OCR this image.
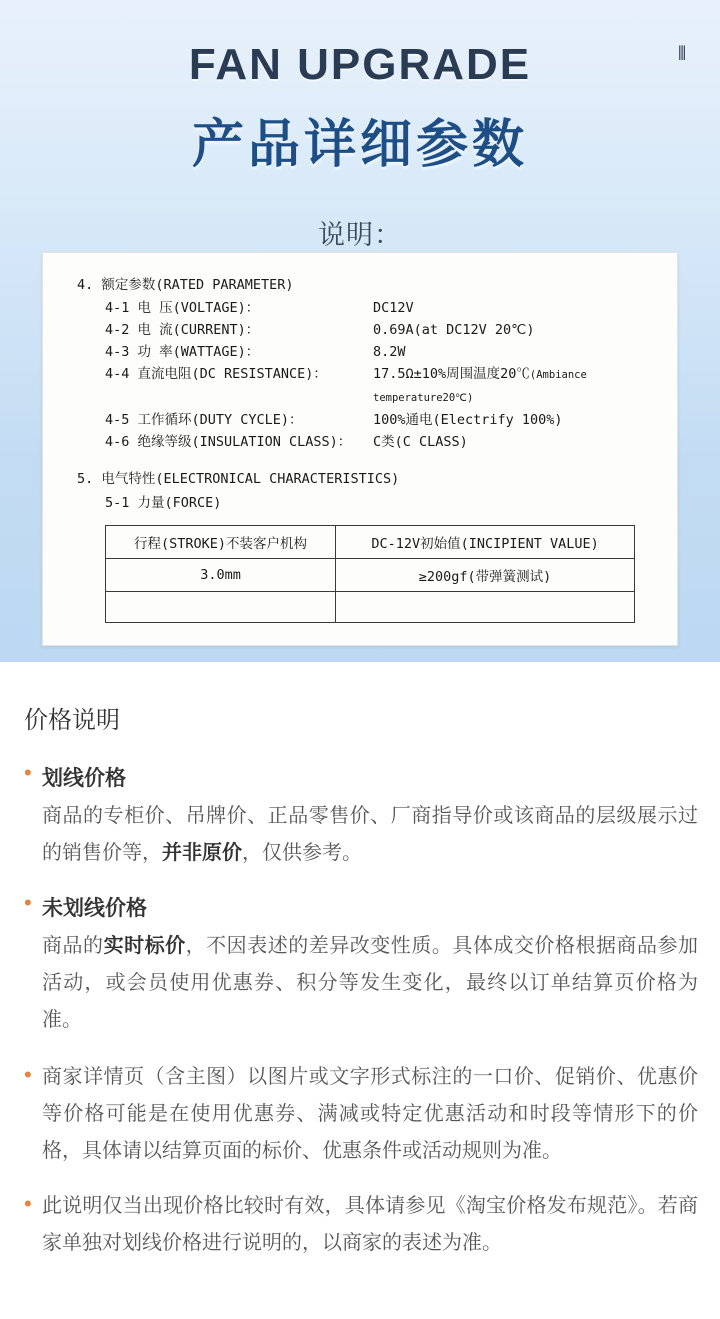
⦀
FAN UPGRADE
产品详细参数
说明：
4. 额定参数(RATED PARAMETER)
4-1 电 压(VOLTAGE)：	DC12V
4-2 电 流(CURRENT)：	0.69A(at DC12V 20℃)
4-3 功 率(WATTAGE)：	8.2W
4-4 直流电阻(DC RESISTANCE)：	17.5Ω±10%周围温度20℃(Ambiance temperature20℃)
4-5 工作循环(DUTY CYCLE)：	100%通电(Electrify 100%)
4-6 绝缘等级(INSULATION CLASS)：	C类(C CLASS)
5. 电气特性(ELECTRONICAL CHARACTERISTICS)
5-1 力量(FORCE)
行程(STROKE)不装客户机构	DC-12V初始值(INCIPIENT VALUE)
3.0mm	≥200gf(带弹簧测试)

价格说明
• 划线价格
商品的专柜价、吊牌价、正品零售价、厂商指导价或该商品的层级展示过的销售价等，并非原价，仅供参考。
• 未划线价格
商品的实时标价，不因表述的差异改变性质。具体成交价格根据商品参加活动，或会员使用优惠券、积分等发生变化，最终以订单结算页价格为准。
• 商家详情页（含主图）以图片或文字形式标注的一口价、促销价、优惠价等价格可能是在使用优惠券、满减或特定优惠活动和时段等情形下的价格，具体请以结算页面的标价、优惠条件或活动规则为准。
• 此说明仅当出现价格比较时有效，具体请参见《淘宝价格发布规范》。若商家单独对划线价格进行说明的，以商家的表述为准。
